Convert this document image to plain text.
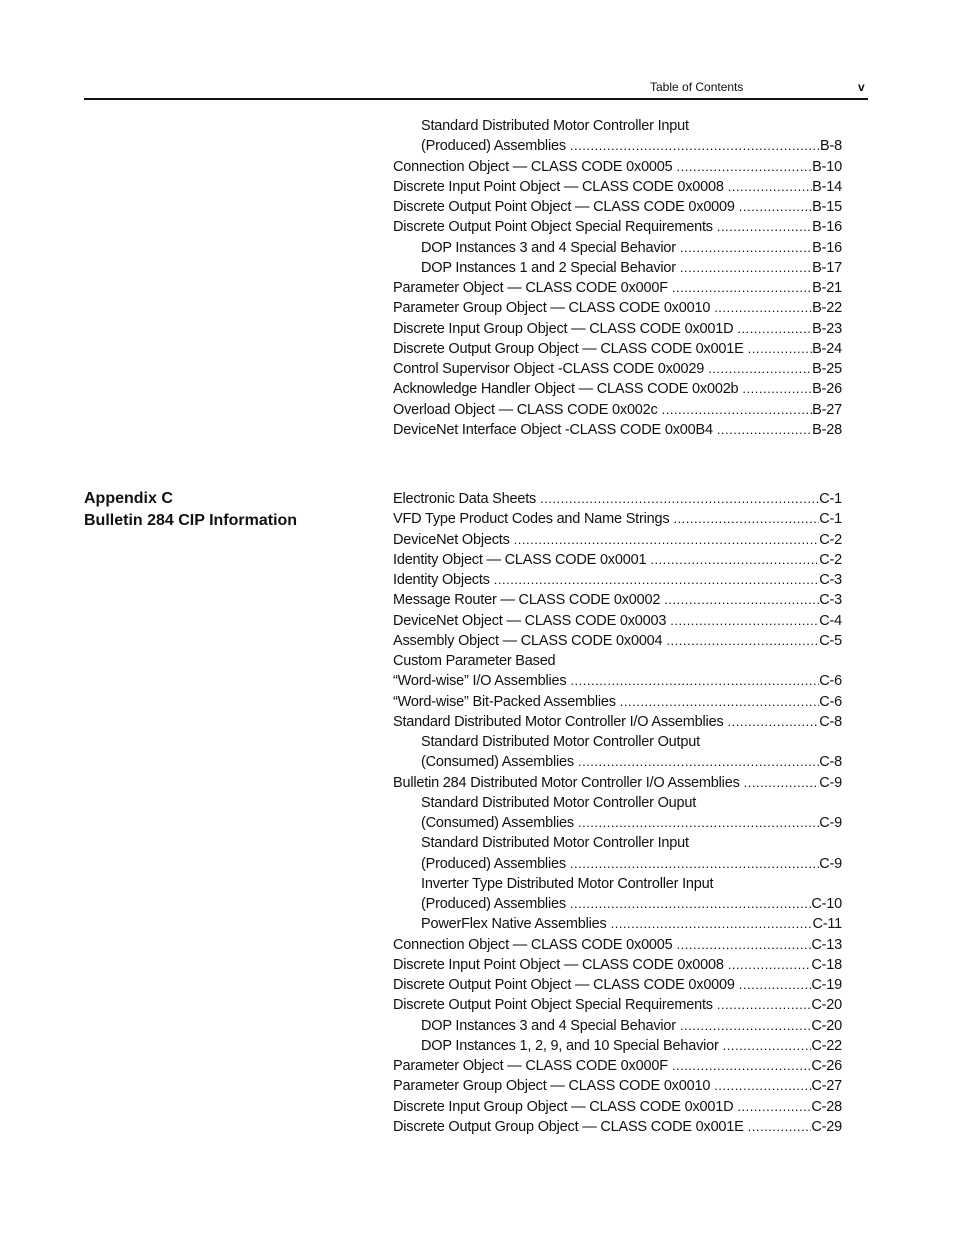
Table of Contents	v
Standard Distributed Motor Controller Input
(Produced) Assemblies .....	B-8
Connection Object — CLASS CODE 0x0005 .....	B-10
Discrete Input Point Object — CLASS CODE 0x0008 .....	B-14
Discrete Output Point Object — CLASS CODE 0x0009 .....	B-15
Discrete Output Point Object Special Requirements .....	B-16
DOP Instances 3 and 4 Special Behavior .....	B-16
DOP Instances 1 and 2 Special Behavior .....	B-17
Parameter Object — CLASS CODE 0x000F .....	B-21
Parameter Group Object — CLASS CODE 0x0010 .....	B-22
Discrete Input Group Object — CLASS CODE 0x001D .....	B-23
Discrete Output Group Object — CLASS CODE 0x001E .....	B-24
Control Supervisor Object -CLASS CODE 0x0029 .....	B-25
Acknowledge Handler Object — CLASS CODE 0x002b .....	B-26
Overload Object — CLASS CODE 0x002c .....	B-27
DeviceNet Interface Object -CLASS CODE 0x00B4 .....	B-28
Appendix C
Bulletin 284 CIP Information
Electronic Data Sheets .....	C-1
VFD Type Product Codes and Name Strings .....	C-1
DeviceNet Objects .....	C-2
Identity Object — CLASS CODE 0x0001 .....	C-2
Identity Objects .....	C-3
Message Router — CLASS CODE 0x0002 .....	C-3
DeviceNet Object — CLASS CODE 0x0003 .....	C-4
Assembly Object — CLASS CODE 0x0004 .....	C-5
Custom Parameter Based
“Word-wise” I/O Assemblies .....	C-6
“Word-wise” Bit-Packed Assemblies .....	C-6
Standard Distributed Motor Controller I/O Assemblies .....	C-8
Standard Distributed Motor Controller Output
(Consumed) Assemblies .....	C-8
Bulletin 284 Distributed Motor Controller I/O Assemblies .....	C-9
Standard Distributed Motor Controller Ouput
(Consumed) Assemblies .....	C-9
Standard Distributed Motor Controller Input
(Produced) Assemblies .....	C-9
Inverter Type Distributed Motor Controller Input
(Produced) Assemblies .....	C-10
PowerFlex Native Assemblies .....	C-11
Connection Object — CLASS CODE 0x0005 .....	C-13
Discrete Input Point Object — CLASS CODE 0x0008 .....	C-18
Discrete Output Point Object — CLASS CODE 0x0009 .....	C-19
Discrete Output Point Object Special Requirements .....	C-20
DOP Instances 3 and 4 Special Behavior .....	C-20
DOP Instances 1, 2, 9, and 10 Special Behavior .....	C-22
Parameter Object — CLASS CODE 0x000F .....	C-26
Parameter Group Object — CLASS CODE 0x0010 .....	C-27
Discrete Input Group Object — CLASS CODE 0x001D .....	C-28
Discrete Output Group Object — CLASS CODE 0x001E .....	C-29
